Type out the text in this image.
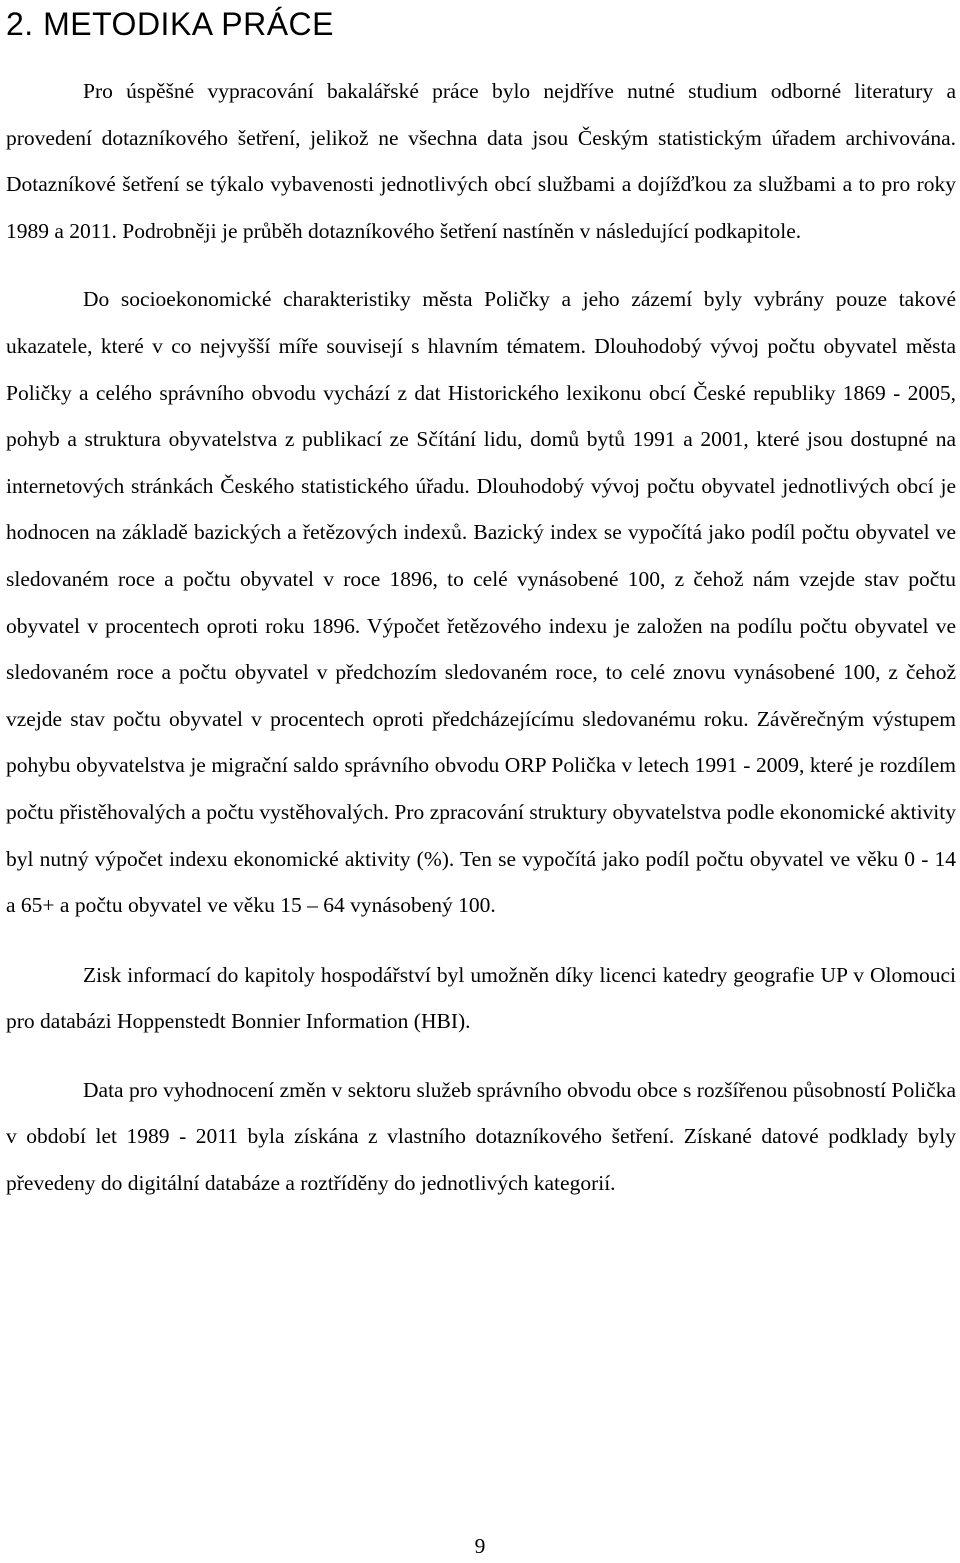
2. METODIKA PRÁCE

Pro úspěšné vypracování bakalářské práce bylo nejdříve nutné studium odborné literatury a provedení dotazníkového šetření, jelikož ne všechna data jsou Českým statistickým úřadem archivována. Dotazníkové šetření se týkalo vybavenosti jednotlivých obcí službami a dojížďkou za službami a to pro roky 1989 a 2011. Podrobněji je průběh dotazníkového šetření nastíněn v následující podkapitole.

Do socioekonomické charakteristiky města Poličky a jeho zázemí byly vybrány pouze takové ukazatele, které v co nejvyšší míře souvisejí s hlavním tématem. Dlouhodobý vývoj počtu obyvatel města Poličky a celého správního obvodu vychází z dat Historického lexikonu obcí České republiky 1869 - 2005, pohyb a struktura obyvatelstva z publikací ze Sčítání lidu, domů bytů 1991 a 2001, které jsou dostupné na internetových stránkách Českého statistického úřadu. Dlouhodobý vývoj počtu obyvatel jednotlivých obcí je hodnocen na základě bazických a řetězových indexů. Bazický index se vypočítá jako podíl počtu obyvatel ve sledovaném roce a počtu obyvatel v roce 1896, to celé vynásobené 100, z čehož nám vzejde stav počtu obyvatel v procentech oproti roku 1896. Výpočet řetězového indexu je založen na podílu počtu obyvatel ve sledovaném roce a počtu obyvatel v předchozím sledovaném roce, to celé znovu vynásobené 100, z čehož vzejde stav počtu obyvatel v procentech oproti předcházejícímu sledovanému roku. Závěrečným výstupem pohybu obyvatelstva je migrační saldo správního obvodu ORP Polička v letech 1991 - 2009, které je rozdílem počtu přistěhovalých a počtu vystěhovalých. Pro zpracování struktury obyvatelstva podle ekonomické aktivity byl nutný výpočet indexu ekonomické aktivity (%). Ten se vypočítá jako podíl počtu obyvatel ve věku 0 - 14 a 65+ a počtu obyvatel ve věku 15 – 64 vynásobený 100.

Zisk informací do kapitoly hospodářství byl umožněn díky licenci katedry geografie UP v Olomouci pro databázi Hoppenstedt Bonnier Information (HBI).

Data pro vyhodnocení změn v sektoru služeb správního obvodu obce s rozšířenou působností Polička v období let 1989 - 2011 byla získána z vlastního dotazníkového šetření. Získané datové podklady byly převedeny do digitální databáze a roztříděny do jednotlivých kategorií.

9
